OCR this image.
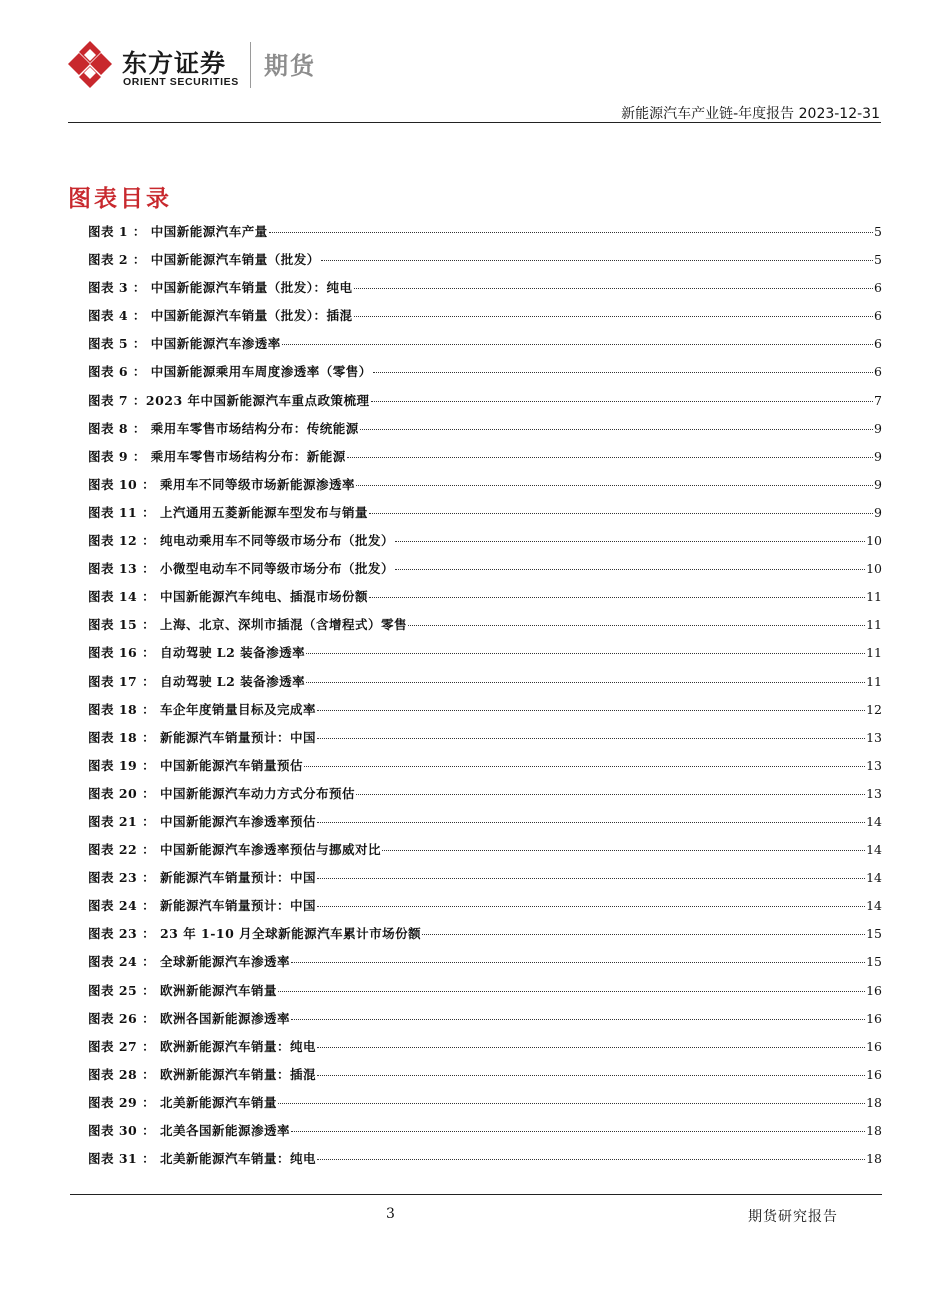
东方证券
ORIENT SECURITIES
期货
新能源汽车产业链-年度报告 2023-12-31
图表目录
图表 1 ： 中国新能源汽车产量	5
图表 2 ： 中国新能源汽车销量（批发）	5
图表 3 ： 中国新能源汽车销量（批发）：纯电	6
图表 4 ： 中国新能源汽车销量（批发）：插混	6
图表 5 ： 中国新能源汽车渗透率	6
图表 6 ： 中国新能源乘用车周度渗透率（零售）	6
图表 7 ：2023 年中国新能源汽车重点政策梳理	7
图表 8 ： 乘用车零售市场结构分布：传统能源	9
图表 9 ： 乘用车零售市场结构分布：新能源	9
图表 10 ： 乘用车不同等级市场新能源渗透率	9
图表 11 ： 上汽通用五菱新能源车型发布与销量	9
图表 12 ： 纯电动乘用车不同等级市场分布（批发）	10
图表 13 ： 小微型电动车不同等级市场分布（批发）	10
图表 14 ： 中国新能源汽车纯电、插混市场份额	11
图表 15 ： 上海、北京、深圳市插混（含增程式）零售	11
图表 16 ： 自动驾驶 L2 装备渗透率	11
图表 17 ： 自动驾驶 L2 装备渗透率	11
图表 18 ： 车企年度销量目标及完成率	12
图表 18 ： 新能源汽车销量预计：中国	13
图表 19 ： 中国新能源汽车销量预估	13
图表 20 ： 中国新能源汽车动力方式分布预估	13
图表 21 ： 中国新能源汽车渗透率预估	14
图表 22 ： 中国新能源汽车渗透率预估与挪威对比	14
图表 23 ： 新能源汽车销量预计：中国	14
图表 24 ： 新能源汽车销量预计：中国	14
图表 23 ： 23 年 1-10 月全球新能源汽车累计市场份额	15
图表 24 ： 全球新能源汽车渗透率	15
图表 25 ： 欧洲新能源汽车销量	16
图表 26 ： 欧洲各国新能源渗透率	16
图表 27 ： 欧洲新能源汽车销量：纯电	16
图表 28 ： 欧洲新能源汽车销量：插混	16
图表 29 ： 北美新能源汽车销量	18
图表 30 ： 北美各国新能源渗透率	18
图表 31 ： 北美新能源汽车销量：纯电	18
3	期货研究报告
